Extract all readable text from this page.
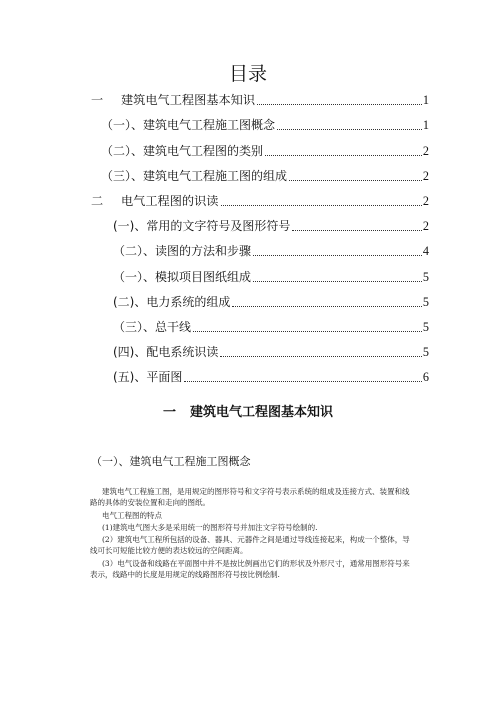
目录
一 建筑电气工程图基本知识	1
（一）、建筑电气工程施工图概念	1
（二）、建筑电气工程图的类别	2
（三）、建筑电气工程施工图的组成	2
二 电气工程图的识读	2
(一)、常用的文字符号及图形符号	2
（二）、读图的方法和步骤	4
（一）、模拟项目图纸组成	5
(二)、电力系统的组成	5
（三）、总干线	5
(四)、配电系统识读	5
(五)、平面图	6
一 建筑电气工程图基本知识
（一）、建筑电气工程施工图概念
建筑电气工程施工图，是用规定的图形符号和文字符号表示系统的组成及连接方式、装置和线路的具体的安装位置和走向的图纸。
电气工程图的特点
(1)建筑电气图大多是采用统一的图形符号并加注文字符号绘制的.
(2）建筑电气工程所包括的设备、器具、元器件之间是通过导线连接起来，构成一个整体，导线可长可短能比较方便的表达较远的空间距离。
(3）电气设备和线路在平面图中并不是按比例画出它们的形状及外形尺寸，通常用图形符号来表示，线路中的长度是用规定的线路图形符号按比例绘制.
